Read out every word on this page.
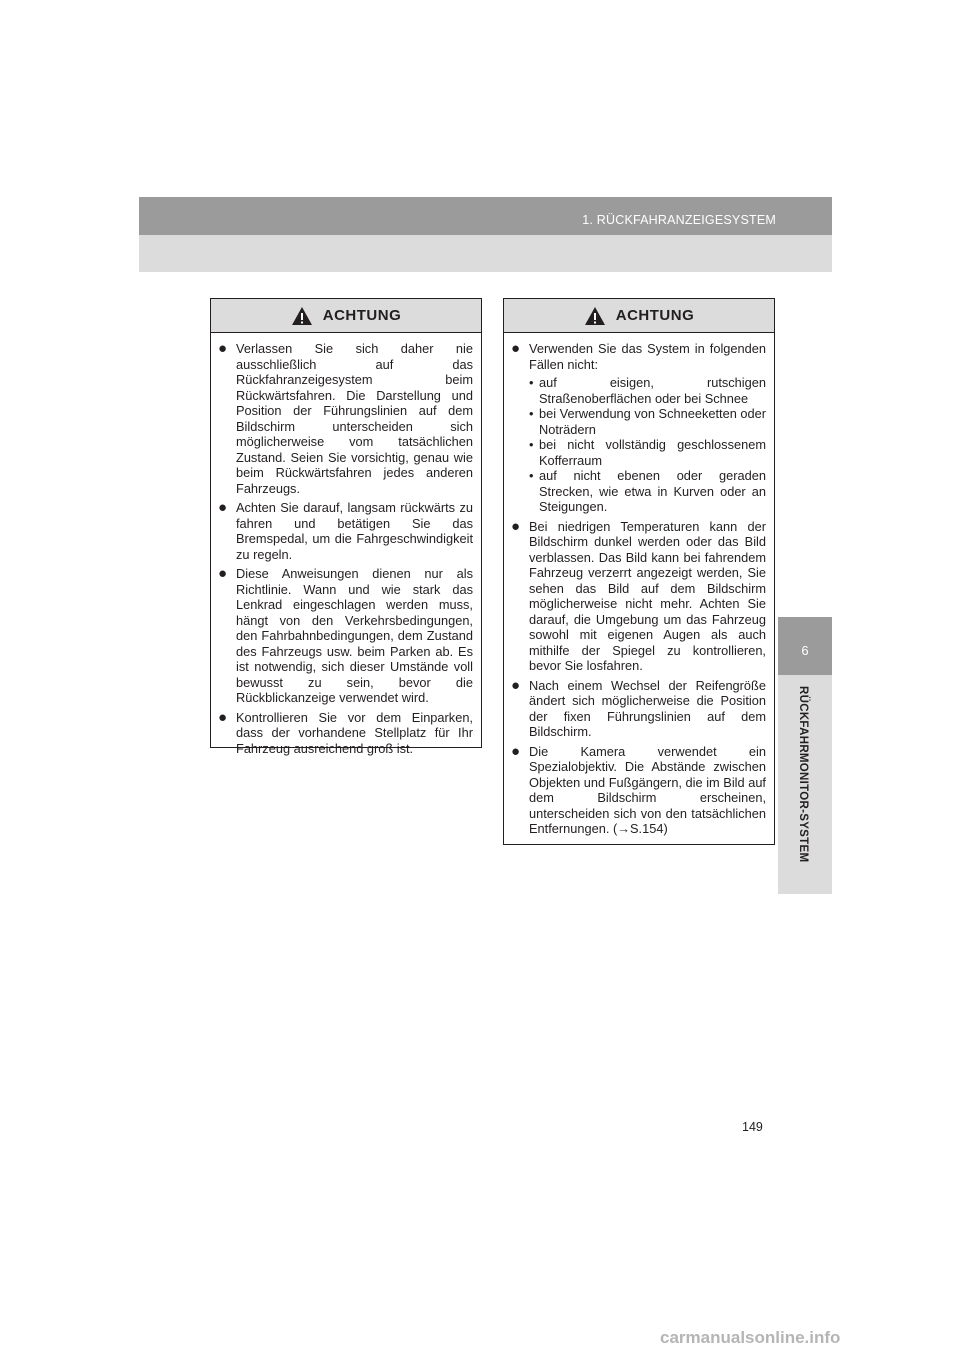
1. RÜCKFAHRANZEIGESYSTEM
6
RÜCKFAHRMONITOR-SYSTEM
ACHTUNG
● Verlassen Sie sich daher nie ausschließlich auf das Rückfahranzeigesystem beim Rückwärtsfahren. Die Darstellung und Position der Führungslinien auf dem Bildschirm unterscheiden sich möglicherweise vom tatsächlichen Zustand. Seien Sie vorsichtig, genau wie beim Rückwärtsfahren jedes anderen Fahrzeugs.
● Achten Sie darauf, langsam rückwärts zu fahren und betätigen Sie das Bremspedal, um die Fahrgeschwindigkeit zu regeln.
● Diese Anweisungen dienen nur als Richtlinie. Wann und wie stark das Lenkrad eingeschlagen werden muss, hängt von den Verkehrsbedingungen, den Fahrbahnbedingungen, dem Zustand des Fahrzeugs usw. beim Parken ab. Es ist notwendig, sich dieser Umstände voll bewusst zu sein, bevor die Rückblickanzeige verwendet wird.
● Kontrollieren Sie vor dem Einparken, dass der vorhandene Stellplatz für Ihr Fahrzeug ausreichend groß ist.
ACHTUNG
● Verwenden Sie das System in folgenden Fällen nicht:
• auf eisigen, rutschigen Straßenoberflächen oder bei Schnee
• bei Verwendung von Schneeketten oder Noträdern
• bei nicht vollständig geschlossenem Kofferraum
• auf nicht ebenen oder geraden Strecken, wie etwa in Kurven oder an Steigungen.
● Bei niedrigen Temperaturen kann der Bildschirm dunkel werden oder das Bild verblassen. Das Bild kann bei fahrendem Fahrzeug verzerrt angezeigt werden, Sie sehen das Bild auf dem Bildschirm möglicherweise nicht mehr. Achten Sie darauf, die Umgebung um das Fahrzeug sowohl mit eigenen Augen als auch mithilfe der Spiegel zu kontrollieren, bevor Sie losfahren.
● Nach einem Wechsel der Reifengröße ändert sich möglicherweise die Position der fixen Führungslinien auf dem Bildschirm.
● Die Kamera verwendet ein Spezialobjektiv. Die Abstände zwischen Objekten und Fußgängern, die im Bild auf dem Bildschirm erscheinen, unterscheiden sich von den tatsächlichen Entfernungen. (→S.154)
149
carmanualsonline.info
